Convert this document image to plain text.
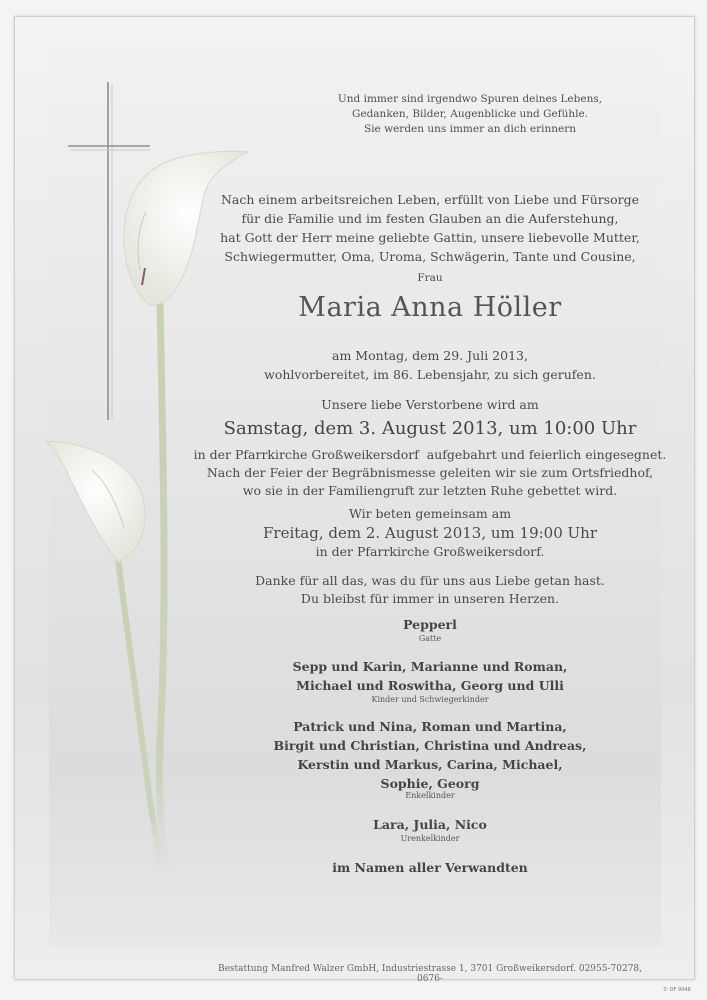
Und immer sind irgendwo Spuren deines Lebens,
Gedanken, Bilder, Augenblicke und Gefühle.
Sie werden uns immer an dich erinnern
Nach einem arbeitsreichen Leben, erfüllt von Liebe und Fürsorge
für die Familie und im festen Glauben an die Auferstehung,
hat Gott der Herr meine geliebte Gattin, unsere liebevolle Mutter,
Schwiegermutter, Oma, Uroma, Schwägerin, Tante und Cousine,
Frau
Maria Anna Höller
am Montag, dem 29. Juli 2013,
wohlvorbereitet, im 86. Lebensjahr, zu sich gerufen.
Unsere liebe Verstorbene wird am
Samstag, dem 3. August 2013, um 10:00 Uhr
in der Pfarrkirche Großweikersdorf  aufgebahrt und feierlich eingesegnet.
Nach der Feier der Begräbnismesse geleiten wir sie zum Ortsfriedhof,
wo sie in der Familiengruft zur letzten Ruhe gebettet wird.
Wir beten gemeinsam am
Freitag, dem 2. August 2013, um 19:00 Uhr
in der Pfarrkirche Großweikersdorf.
Danke für all das, was du für uns aus Liebe getan hast.
Du bleibst für immer in unseren Herzen.
Pepperl
Gatte
Sepp und Karin, Marianne und Roman,
Michael und Roswitha, Georg und Ulli
Kinder und Schwiegerkinder
Patrick und Nina, Roman und Martina,
Birgit und Christian, Christina und Andreas,
Kerstin und Markus, Carina, Michael,
Sophie, Georg
Enkelkinder
Lara, Julia, Nico
Urenkelkinder
im Namen aller Verwandten
Bestattung Manfred Walzer GmbH, Industriestrasse 1, 3701 Großweikersdorf. 02955-70278, 0676-
© DF 9048
